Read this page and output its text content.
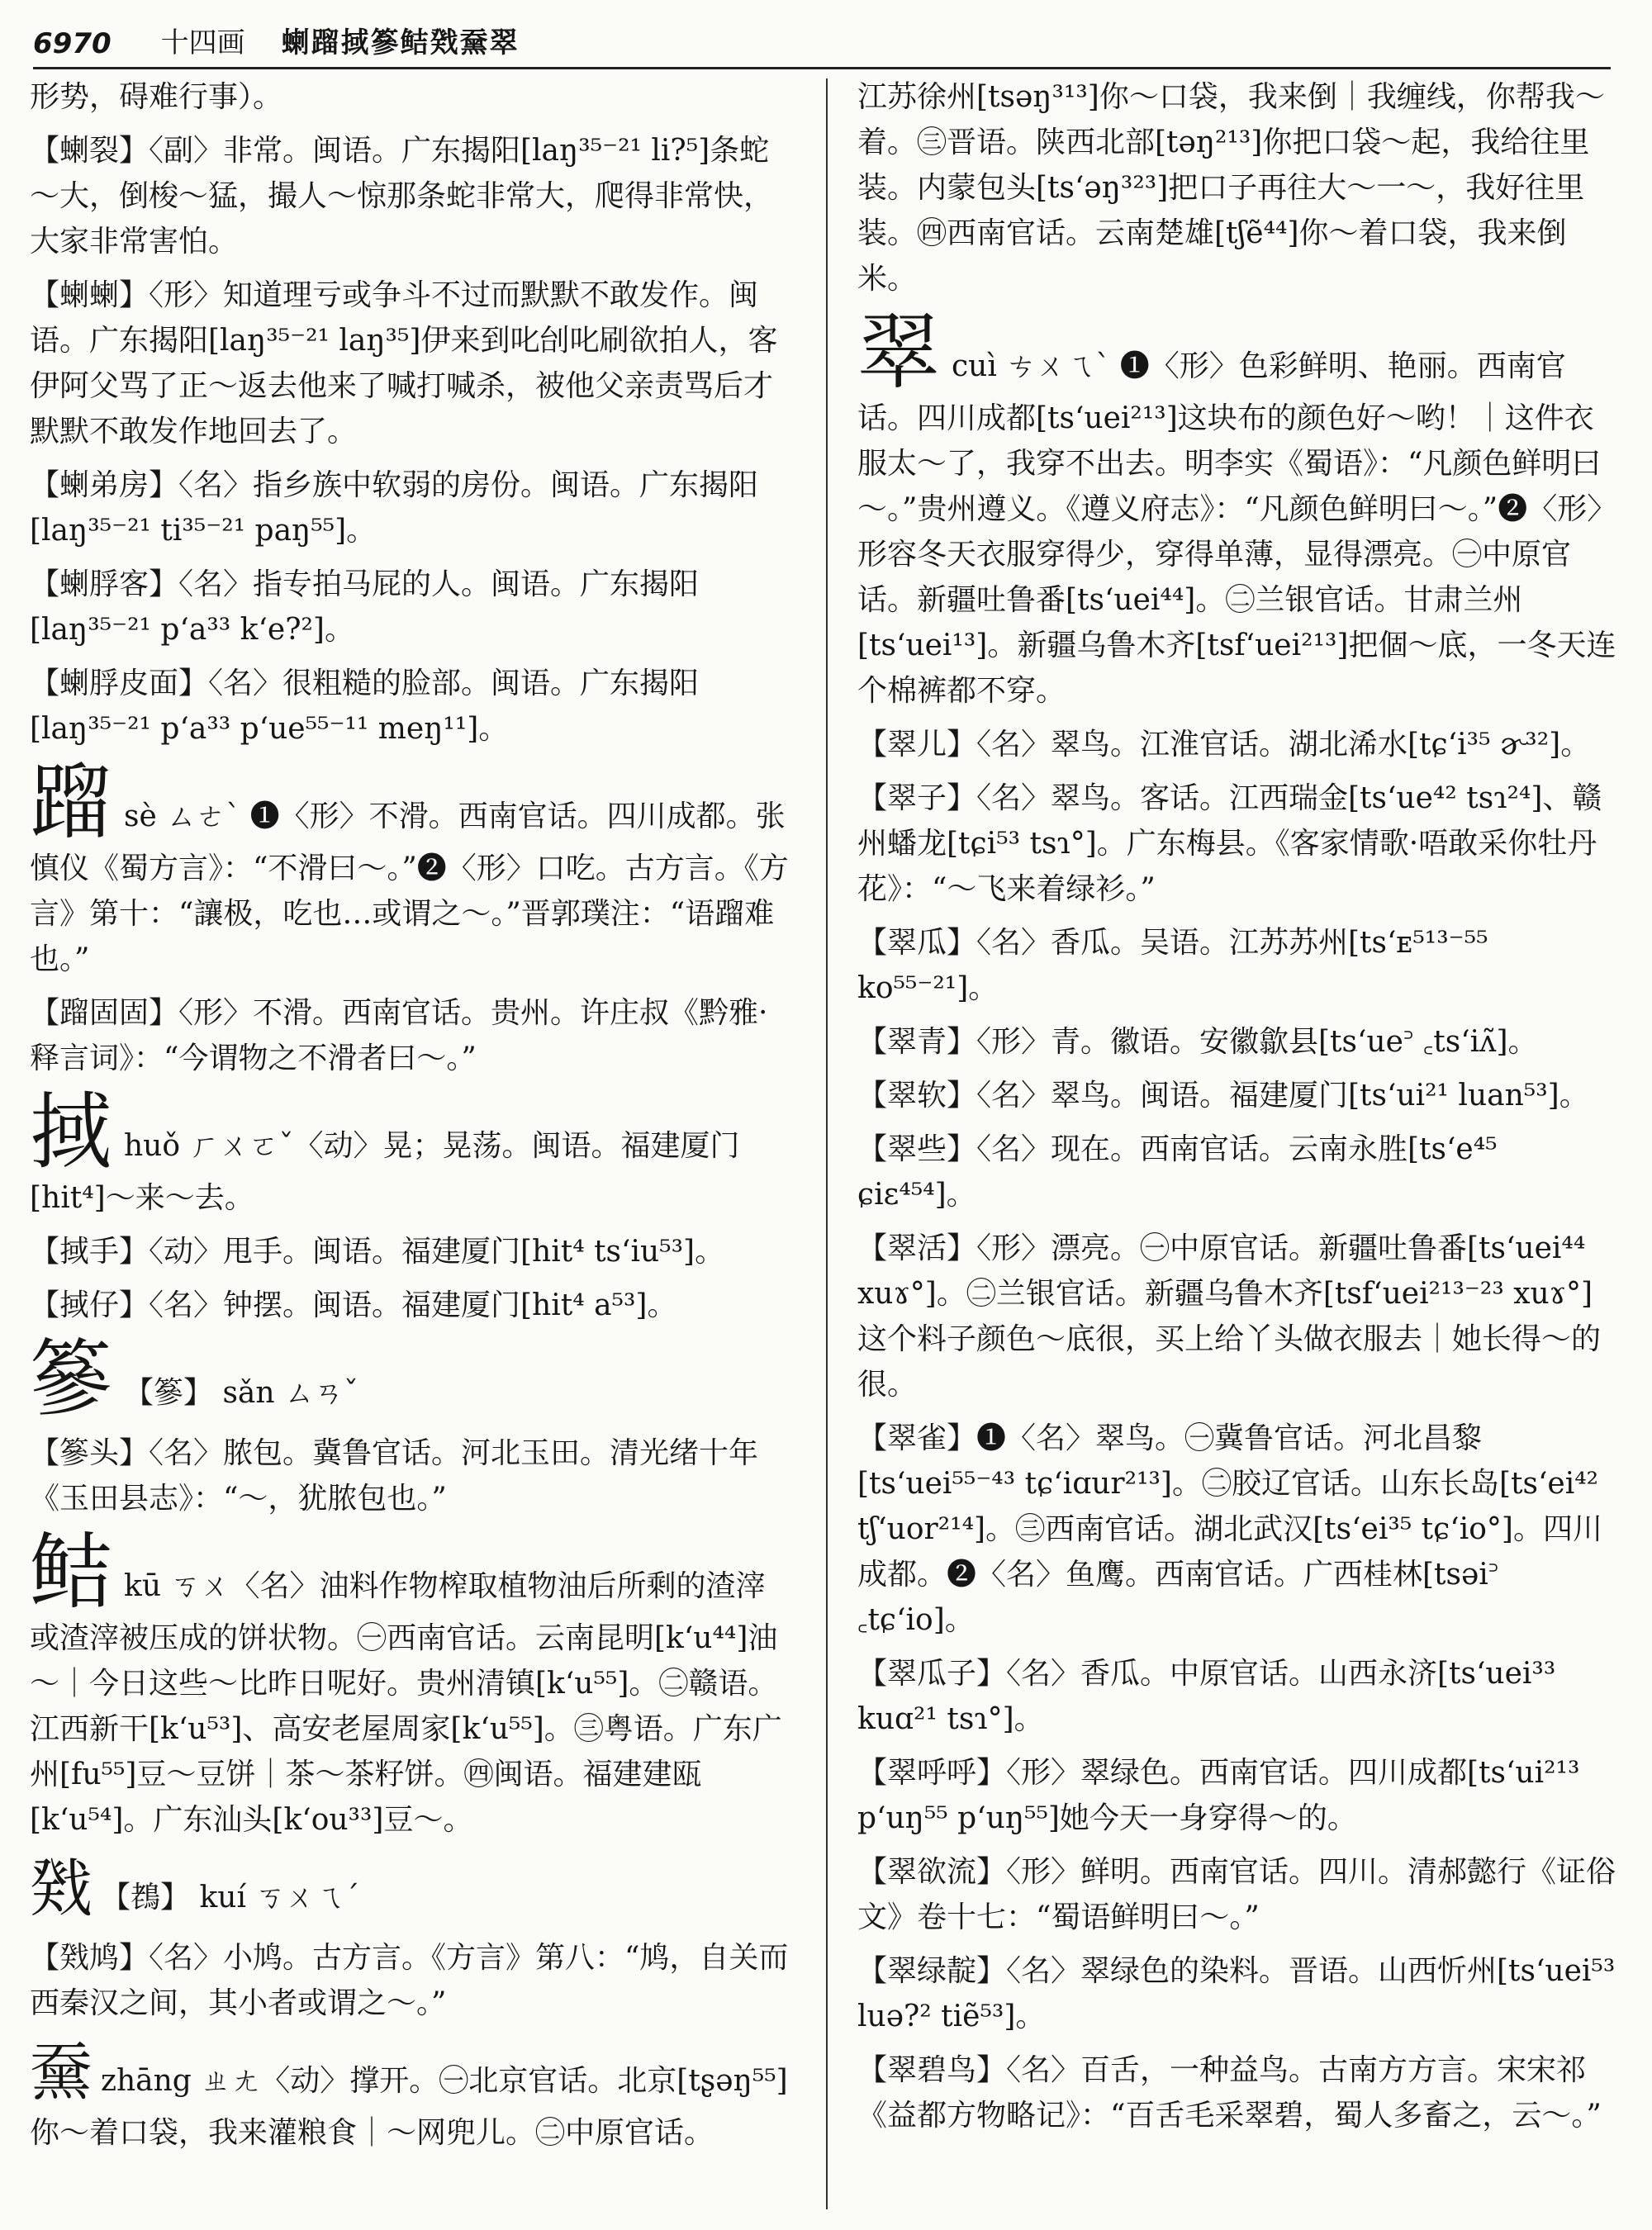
6970 十四画 蝲蹓掝篸鲒戣䵡翠

形势，碍难行事）。

【蝲裂】〈副〉非常。闽语。广东揭阳[laŋ³⁵⁻²¹ li?⁵]条蛇～大，倒梭～猛，撮人～惊那条蛇非常大，爬得非常快，大家非常害怕。

【蝲蝲】〈形〉知道理亏或争斗不过而默默不敢发作。闽语。广东揭阳[laŋ³⁵⁻²¹ laŋ³⁵]伊来到叱刣叱刷欲拍人，客伊阿父骂了正～返去他来了喊打喊杀，被他父亲责骂后才默默不敢发作地回去了。

【蝲弟房】〈名〉指乡族中软弱的房份。闽语。广东揭阳[laŋ³⁵⁻²¹ ti³⁵⁻²¹ paŋ⁵⁵]。

【蝲脬客】〈名〉指专拍马屁的人。闽语。广东揭阳[laŋ³⁵⁻²¹ p‘a³³ k‘e?²]。

【蝲脬皮面】〈名〉很粗糙的脸部。闽语。广东揭阳[laŋ³⁵⁻²¹ p‘a³³ p‘ue⁵⁵⁻¹¹ meŋ¹¹]。

蹓sè ㄙㄜˋ ❶〈形〉不滑。西南官话。四川成都。张慎仪《蜀方言》：“不滑曰～。”❷〈形〉口吃。古方言。《方言》第十：“讓极，吃也…或谓之～。”晋郭璞注：“语蹓难也。”

【蹓固固】〈形〉不滑。西南官话。贵州。许庄叔《黔雅·释言词》：“今谓物之不滑者曰～。”

掝huǒ ㄏㄨㄛˇ〈动〉晃；晃荡。闽语。福建厦门[hit⁴]～来～去。

【掝手】〈动〉甩手。闽语。福建厦门[hit⁴ ts‘iu⁵³]。

【掝仔】〈名〉钟摆。闽语。福建厦门[hit⁴ a⁵³]。

篸 【篸】 sǎn ㄙㄢˇ

【篸头】〈名〉脓包。冀鲁官话。河北玉田。清光绪十年《玉田县志》：“～，犹脓包也。”

鲒kū ㄎㄨ〈名〉油料作物榨取植物油后所剩的渣滓或渣滓被压成的饼状物。㊀西南官话。云南昆明[k‘u⁴⁴]油～｜今日这些～比昨日呢好。贵州清镇[k‘u⁵⁵]。㊁赣语。江西新干[k‘u⁵³]、高安老屋周家[k‘u⁵⁵]。㊂粤语。广东广州[fu⁵⁵]豆～豆饼｜茶～茶籽饼。㊃闽语。福建建瓯[k‘u⁵⁴]。广东汕头[k‘ou³³]豆～。

戣 【䳓】 kuí ㄎㄨㄟˊ

【戣鸠】〈名〉小鸠。古方言。《方言》第八：“鸠，自关而西秦汉之间，其小者或谓之～。”

䵡zhāng ㄓㄤ〈动〉撑开。㊀北京官话。北京[tʂəŋ⁵⁵]你～着口袋，我来灌粮食｜～网兜儿。㊁中原官话。

江苏徐州[tsəŋ³¹³]你～口袋，我来倒｜我缠线，你帮我～着。㊂晋语。陕西北部[təŋ²¹³]你把口袋～起，我给往里装。内蒙包头[ts‘əŋ³²³]把口子再往大～一～，我好往里装。㊃西南官话。云南楚雄[tʃẽ⁴⁴]你～着口袋，我来倒米。

翠cuì ㄘㄨㄟˋ ❶〈形〉色彩鲜明、艳丽。西南官话。四川成都[ts‘uei²¹³]这块布的颜色好～哟！｜这件衣服太～了，我穿不出去。明李实《蜀语》：“凡颜色鲜明曰～。”贵州遵义。《遵义府志》：“凡颜色鲜明曰～。”❷〈形〉形容冬天衣服穿得少，穿得单薄，显得漂亮。㊀中原官话。新疆吐鲁番[ts‘uei⁴⁴]。㊁兰银官话。甘肃兰州[ts‘uei¹³]。新疆乌鲁木齐[tsf‘uei²¹³]把個～底，一冬天连个棉裤都不穿。

【翠儿】〈名〉翠鸟。江淮官话。湖北浠水[tɕ‘i³⁵ ɚ³²]。

【翠子】〈名〉翠鸟。客话。江西瑞金[ts‘ue⁴² tsɿ²⁴]、赣州蟠龙[tɕi⁵³ tsɿ°]。广东梅县。《客家情歌·唔敢采你牡丹花》：“～飞来着绿衫。”

【翠瓜】〈名〉香瓜。吴语。江苏苏州[ts‘ᴇ⁵¹³⁻⁵⁵ ko⁵⁵⁻²¹]。

【翠青】〈形〉青。徽语。安徽歙县[ts‘ue꜄ ꜀ts‘iʌ̃]。

【翠软】〈名〉翠鸟。闽语。福建厦门[ts‘ui²¹ luan⁵³]。

【翠些】〈名〉现在。西南官话。云南永胜[ts‘e⁴⁵ ɕiɛ⁴⁵⁴]。

【翠活】〈形〉漂亮。㊀中原官话。新疆吐鲁番[ts‘uei⁴⁴ xuɤ°]。㊁兰银官话。新疆乌鲁木齐[tsf‘uei²¹³⁻²³ xuɤ°]这个料子颜色～底很，买上给丫头做衣服去｜她长得～的很。

【翠雀】❶〈名〉翠鸟。㊀冀鲁官话。河北昌黎[ts‘uei⁵⁵⁻⁴³ tɕ‘iɑur²¹³]。㊁胶辽官话。山东长岛[ts‘ei⁴² tʃ‘uor²¹⁴]。㊂西南官话。湖北武汉[ts‘ei³⁵ tɕ‘io°]。四川成都。❷〈名〉鱼鹰。西南官话。广西桂林[tsəi꜄ ꜀tɕ‘io]。

【翠瓜子】〈名〉香瓜。中原官话。山西永济[ts‘uei³³ kuɑ²¹ tsɿ°]。

【翠呼呼】〈形〉翠绿色。西南官话。四川成都[ts‘ui²¹³ p‘uŋ⁵⁵ p‘uŋ⁵⁵]她今天一身穿得～的。

【翠欲流】〈形〉鲜明。西南官话。四川。清郝懿行《证俗文》卷十七：“蜀语鲜明曰～。”

【翠绿靛】〈名〉翠绿色的染料。晋语。山西忻州[ts‘uei⁵³ luə?² tiẽ⁵³]。

【翠碧鸟】〈名〉百舌，一种益鸟。古南方方言。宋宋祁《益都方物略记》：“百舌毛采翠碧，蜀人多畜之，云～。”
